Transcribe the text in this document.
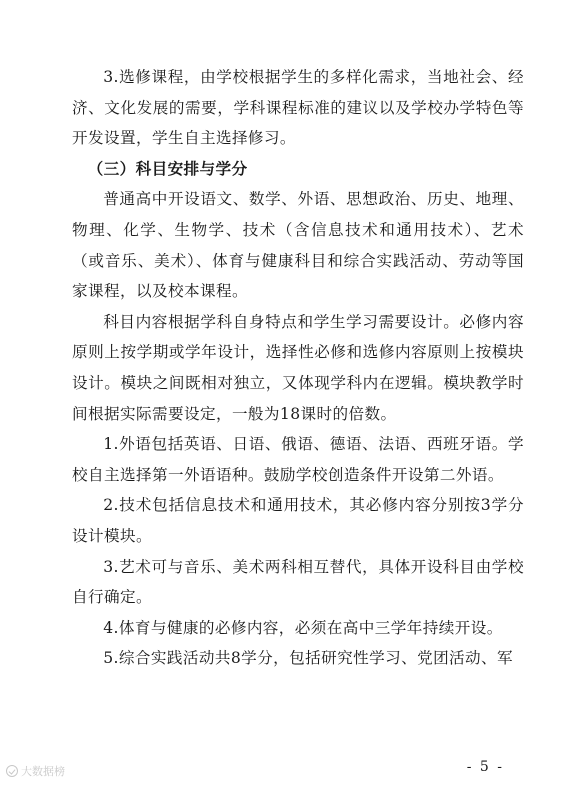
3.选修课程，由学校根据学生的多样化需求，当地社会、经济、文化发展的需要，学科课程标准的建议以及学校办学特色等开发设置，学生自主选择修习。

（三）科目安排与学分

普通高中开设语文、数学、外语、思想政治、历史、地理、物理、化学、生物学、技术（含信息技术和通用技术）、艺术（或音乐、美术）、体育与健康科目和综合实践活动、劳动等国家课程，以及校本课程。

科目内容根据学科自身特点和学生学习需要设计。必修内容原则上按学期或学年设计，选择性必修和选修内容原则上按模块设计。模块之间既相对独立，又体现学科内在逻辑。模块教学时间根据实际需要设定，一般为18课时的倍数。

1.外语包括英语、日语、俄语、德语、法语、西班牙语。学校自主选择第一外语语种。鼓励学校创造条件开设第二外语。

2.技术包括信息技术和通用技术，其必修内容分别按3学分设计模块。

3.艺术可与音乐、美术两科相互替代，具体开设科目由学校自行确定。

4.体育与健康的必修内容，必须在高中三学年持续开设。

5.综合实践活动共8学分，包括研究性学习、党团活动、军

大数据榜	- 5 -
